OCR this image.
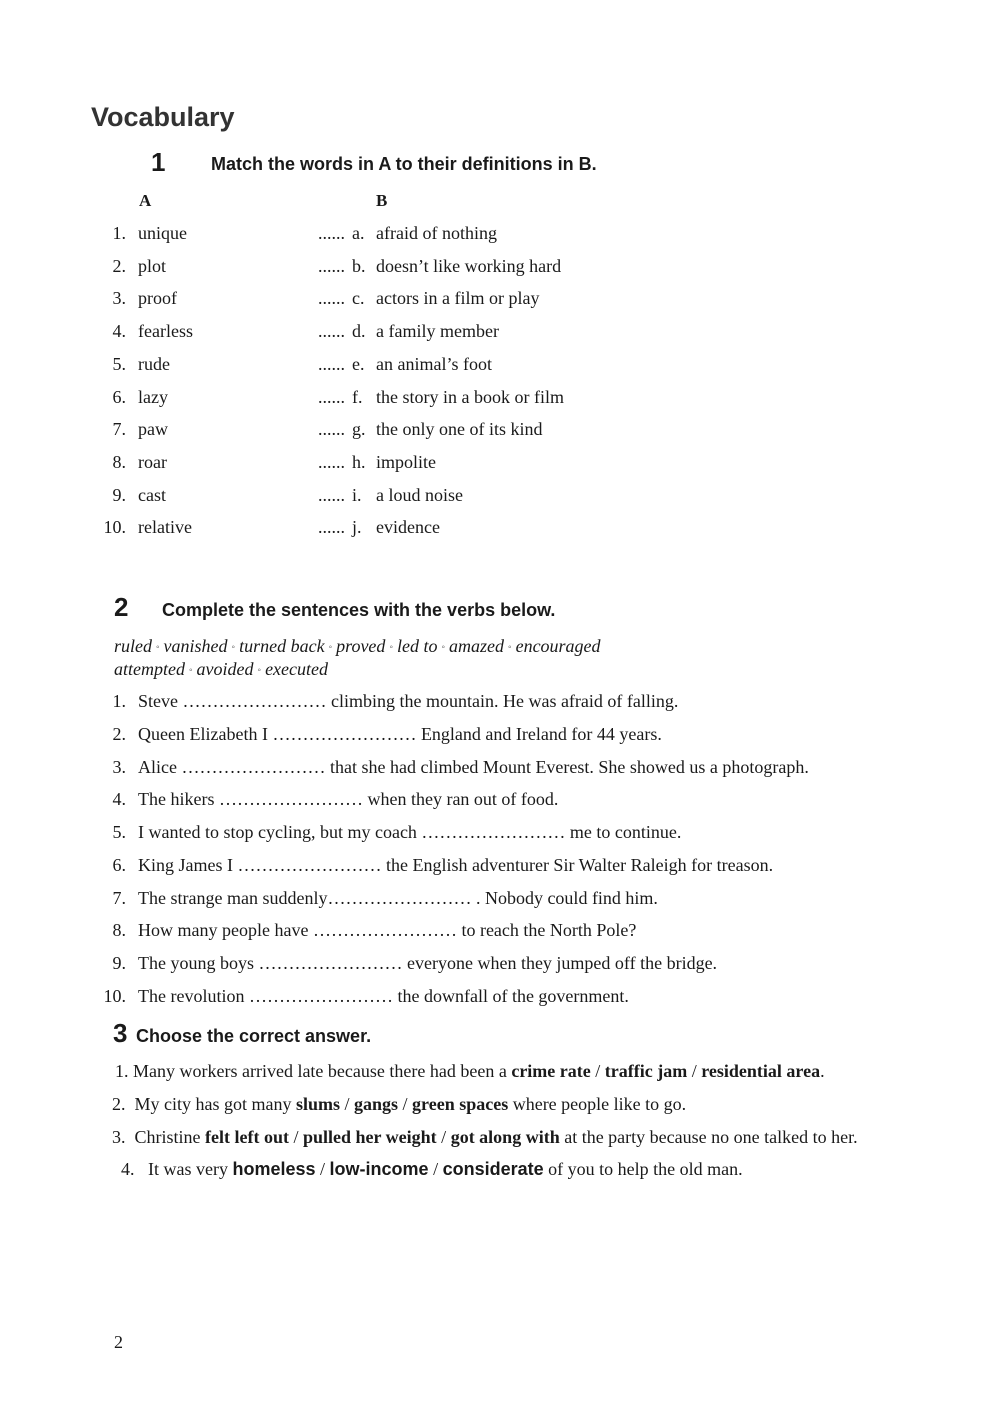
Vocabulary
1	Match the words in A to their definitions in B.
A	B
1. unique	...... a. afraid of nothing
2. plot	...... b. doesn’t like working hard
3. proof	...... c. actors in a film or play
4. fearless	...... d. a family member
5. rude	...... e. an animal’s foot
6. lazy	...... f. the story in a book or film
7. paw	...... g. the only one of its kind
8. roar	...... h. impolite
9. cast	...... i. a loud noise
10. relative	...... j. evidence
2 Complete the sentences with the verbs below.
ruled ◦ vanished ◦ turned back ◦ proved ◦ led to ◦ amazed ◦ encouraged
attempted ◦ avoided ◦ executed
1. Steve …………………… climbing the mountain. He was afraid of falling.
2. Queen Elizabeth I …………………… England and Ireland for 44 years.
3. Alice …………………… that she had climbed Mount Everest. She showed us a photograph.
4. The hikers …………………… when they ran out of food.
5. I wanted to stop cycling, but my coach …………………… me to continue.
6. King James I …………………… the English adventurer Sir Walter Raleigh for treason.
7. The strange man suddenly…………………… . Nobody could find him.
8. How many people have …………………… to reach the North Pole?
9. The young boys …………………… everyone when they jumped off the bridge.
10. The revolution …………………… the downfall of the government.
3 Choose the correct answer.
1. Many workers arrived late because there had been a crime rate / traffic jam / residential area.
2. My city has got many slums / gangs / green spaces where people like to go.
3. Christine felt left out / pulled her weight / got along with at the party because no one talked to her.
4. It was very homeless / low-income / considerate of you to help the old man.
2
